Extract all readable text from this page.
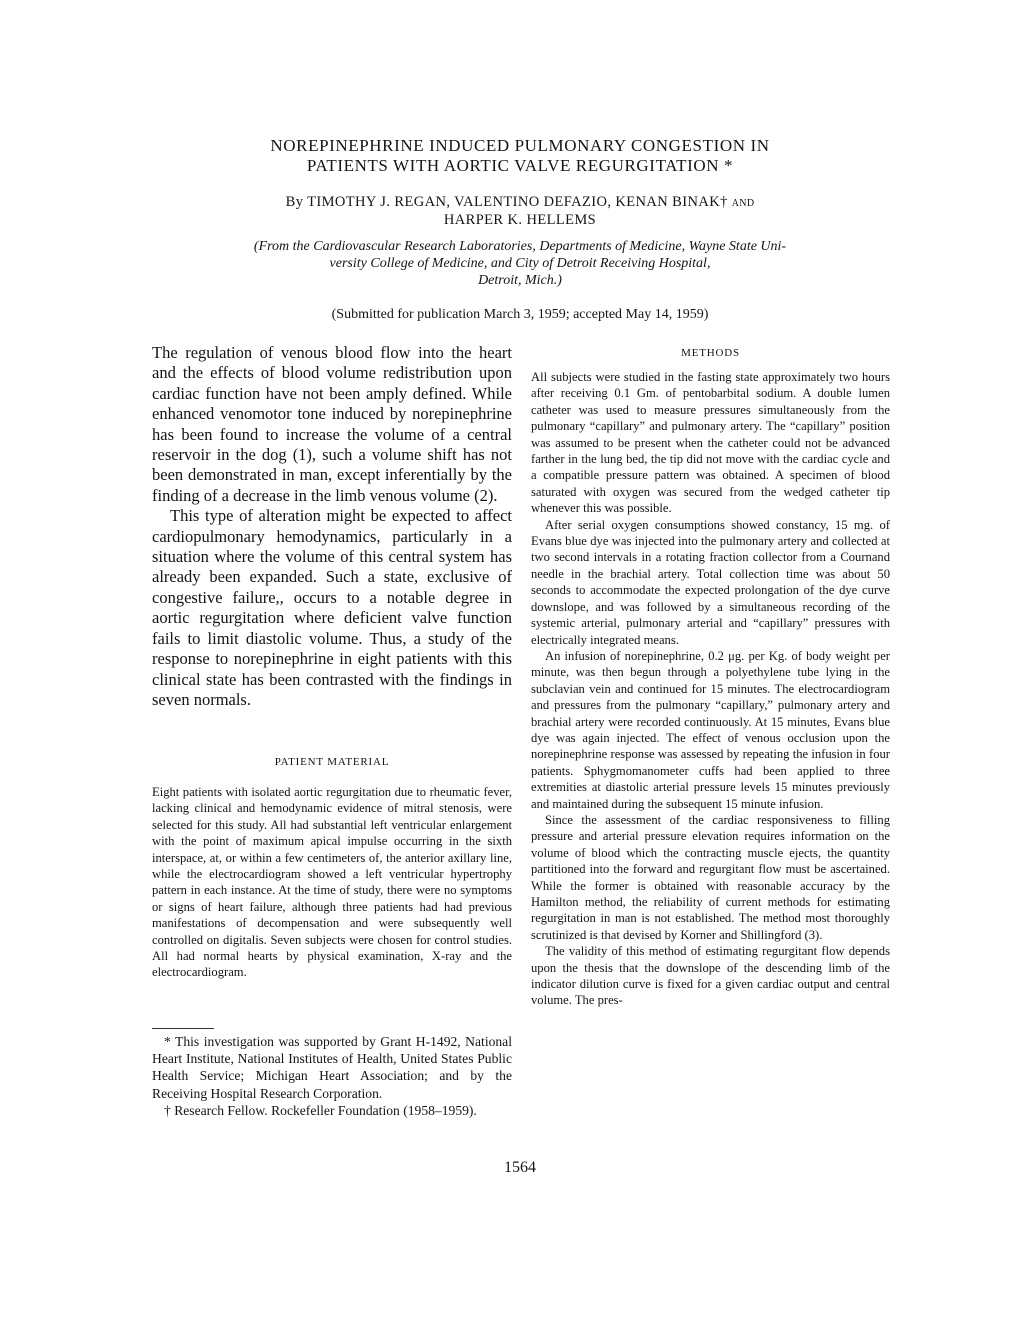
NOREPINEPHRINE INDUCED PULMONARY CONGESTION IN
PATIENTS WITH AORTIC VALVE REGURGITATION *
By TIMOTHY J. REGAN, VALENTINO DEFAZIO, KENAN BINAK† AND
HARPER K. HELLEMS
(From the Cardiovascular Research Laboratories, Departments of Medicine, Wayne State Uni-
versity College of Medicine, and City of Detroit Receiving Hospital,
Detroit, Mich.)
(Submitted for publication March 3, 1959; accepted May 14, 1959)

The regulation of venous blood flow into the heart and the effects of blood volume redistribution upon cardiac function have not been amply defined. While enhanced venomotor tone induced by norepinephrine has been found to increase the volume of a central reservoir in the dog (1), such a volume shift has not been demonstrated in man, except inferentially by the finding of a decrease in the limb venous volume (2).

This type of alteration might be expected to affect cardiopulmonary hemodynamics, particularly in a situation where the volume of this central system has already been expanded. Such a state, exclusive of congestive failure,, occurs to a notable degree in aortic regurgitation where deficient valve function fails to limit diastolic volume. Thus, a study of the response to norepinephrine in eight patients with this clinical state has been contrasted with the findings in seven normals.

PATIENT MATERIAL

Eight patients with isolated aortic regurgitation due to rheumatic fever, lacking clinical and hemodynamic evidence of mitral stenosis, were selected for this study. All had substantial left ventricular enlargement with the point of maximum apical impulse occurring in the sixth interspace, at, or within a few centimeters of, the anterior axillary line, while the electrocardiogram showed a left ventricular hypertrophy pattern in each instance. At the time of study, there were no symptoms or signs of heart failure, although three patients had had previous manifestations of decompensation and were subsequently well controlled on digitalis. Seven subjects were chosen for control studies. All had normal hearts by physical examination, X-ray and the electrocardiogram.

* This investigation was supported by Grant H-1492, National Heart Institute, National Institutes of Health, United States Public Health Service; Michigan Heart Association; and by the Receiving Hospital Research Corporation.

† Research Fellow. Rockefeller Foundation (1958–1959).

METHODS

All subjects were studied in the fasting state approximately two hours after receiving 0.1 Gm. of pentobarbital sodium. A double lumen catheter was used to measure pressures simultaneously from the pulmonary “capillary” and pulmonary artery. The “capillary” position was assumed to be present when the catheter could not be advanced farther in the lung bed, the tip did not move with the cardiac cycle and a compatible pressure pattern was obtained. A specimen of blood saturated with oxygen was secured from the wedged catheter tip whenever this was possible.

After serial oxygen consumptions showed constancy, 15 mg. of Evans blue dye was injected into the pulmonary artery and collected at two second intervals in a rotating fraction collector from a Cournand needle in the brachial artery. Total collection time was about 50 seconds to accommodate the expected prolongation of the dye curve downslope, and was followed by a simultaneous recording of the systemic arterial, pulmonary arterial and “capillary” pressures with electrically integrated means.

An infusion of norepinephrine, 0.2 μg. per Kg. of body weight per minute, was then begun through a polyethylene tube lying in the subclavian vein and continued for 15 minutes. The electrocardiogram and pressures from the pulmonary “capillary,” pulmonary artery and brachial artery were recorded continuously. At 15 minutes, Evans blue dye was again injected. The effect of venous occlusion upon the norepinephrine response was assessed by repeating the infusion in four patients. Sphygmomanometer cuffs had been applied to three extremities at diastolic arterial pressure levels 15 minutes previously and maintained during the subsequent 15 minute infusion.

Since the assessment of the cardiac responsiveness to filling pressure and arterial pressure elevation requires information on the volume of blood which the contracting muscle ejects, the quantity partitioned into the forward and regurgitant flow must be ascertained. While the former is obtained with reasonable accuracy by the Hamilton method, the reliability of current methods for estimating regurgitation in man is not established. The method most thoroughly scrutinized is that devised by Korner and Shillingford (3).

The validity of this method of estimating regurgitant flow depends upon the thesis that the downslope of the descending limb of the indicator dilution curve is fixed for a given cardiac output and central volume. The pres-

1564
